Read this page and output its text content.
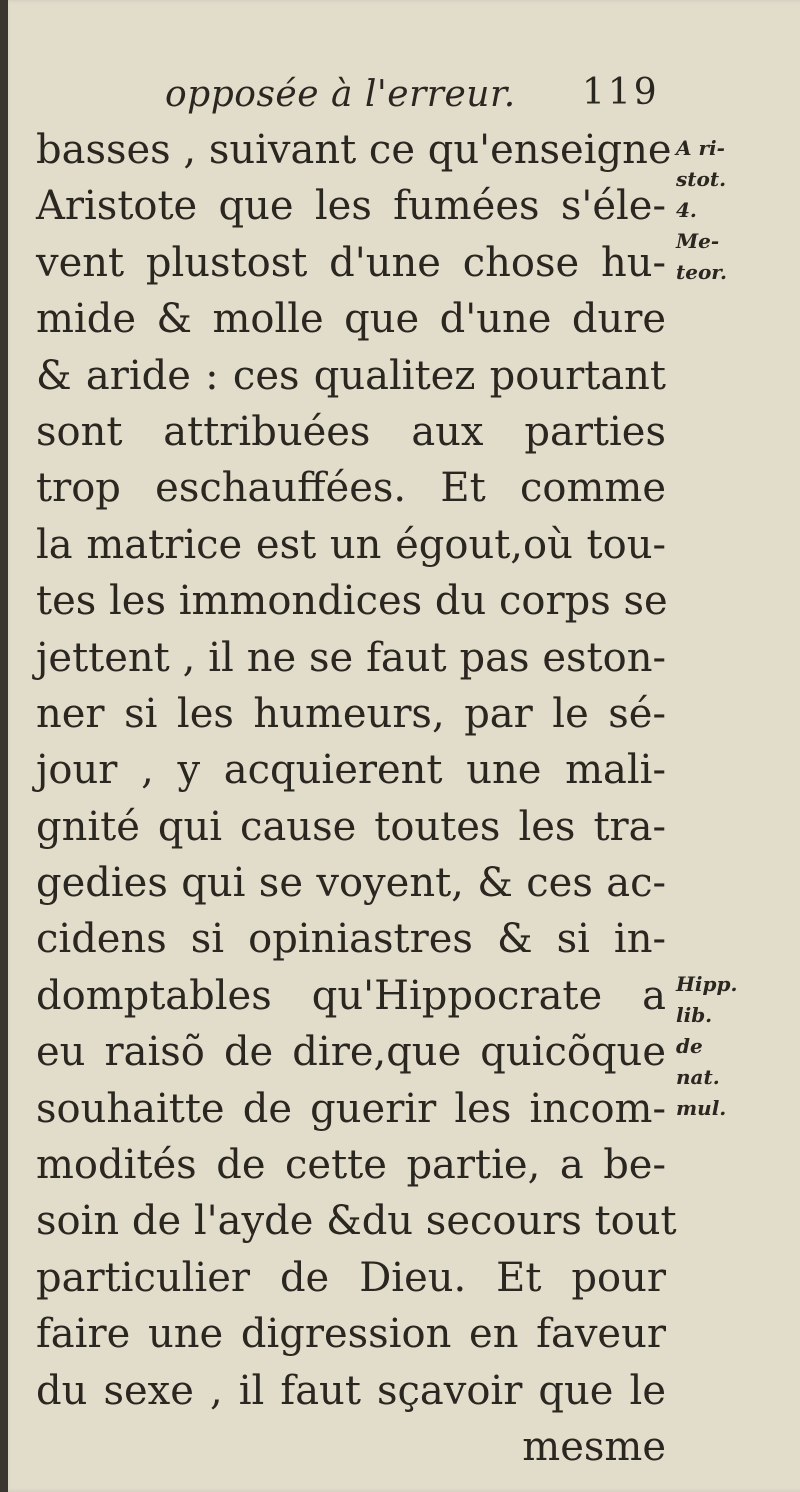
opposée à l'erreur. 119
basses , suivant ce qu'enseigne
Aristote que les fumées s'éle-
vent plustost d'une chose hu-
mide & molle que d'une dure
& aride : ces qualitez pourtant
sont attribuées aux parties
trop eschauffées. Et comme
la matrice est un égout,où tou-
tes les immondices du corps se
jettent , il ne se faut pas eston-
ner si les humeurs, par le sé-
jour , y acquierent une mali-
gnité qui cause toutes les tra-
gedies qui se voyent, & ces ac-
cidens si opiniastres & si in-
domptables qu'Hippocrate a
eu raisõ de dire,que quicõque
souhaitte de guerir les incom-
modités de cette partie, a be-
soin de l'ayde &du secours tout
particulier de Dieu. Et pour
faire une digression en faveur
du sexe , il faut sçavoir que le
mesme
A ri-
stot.
4.
Me-
teor.
Hipp.
lib.
de
nat.
mul.
